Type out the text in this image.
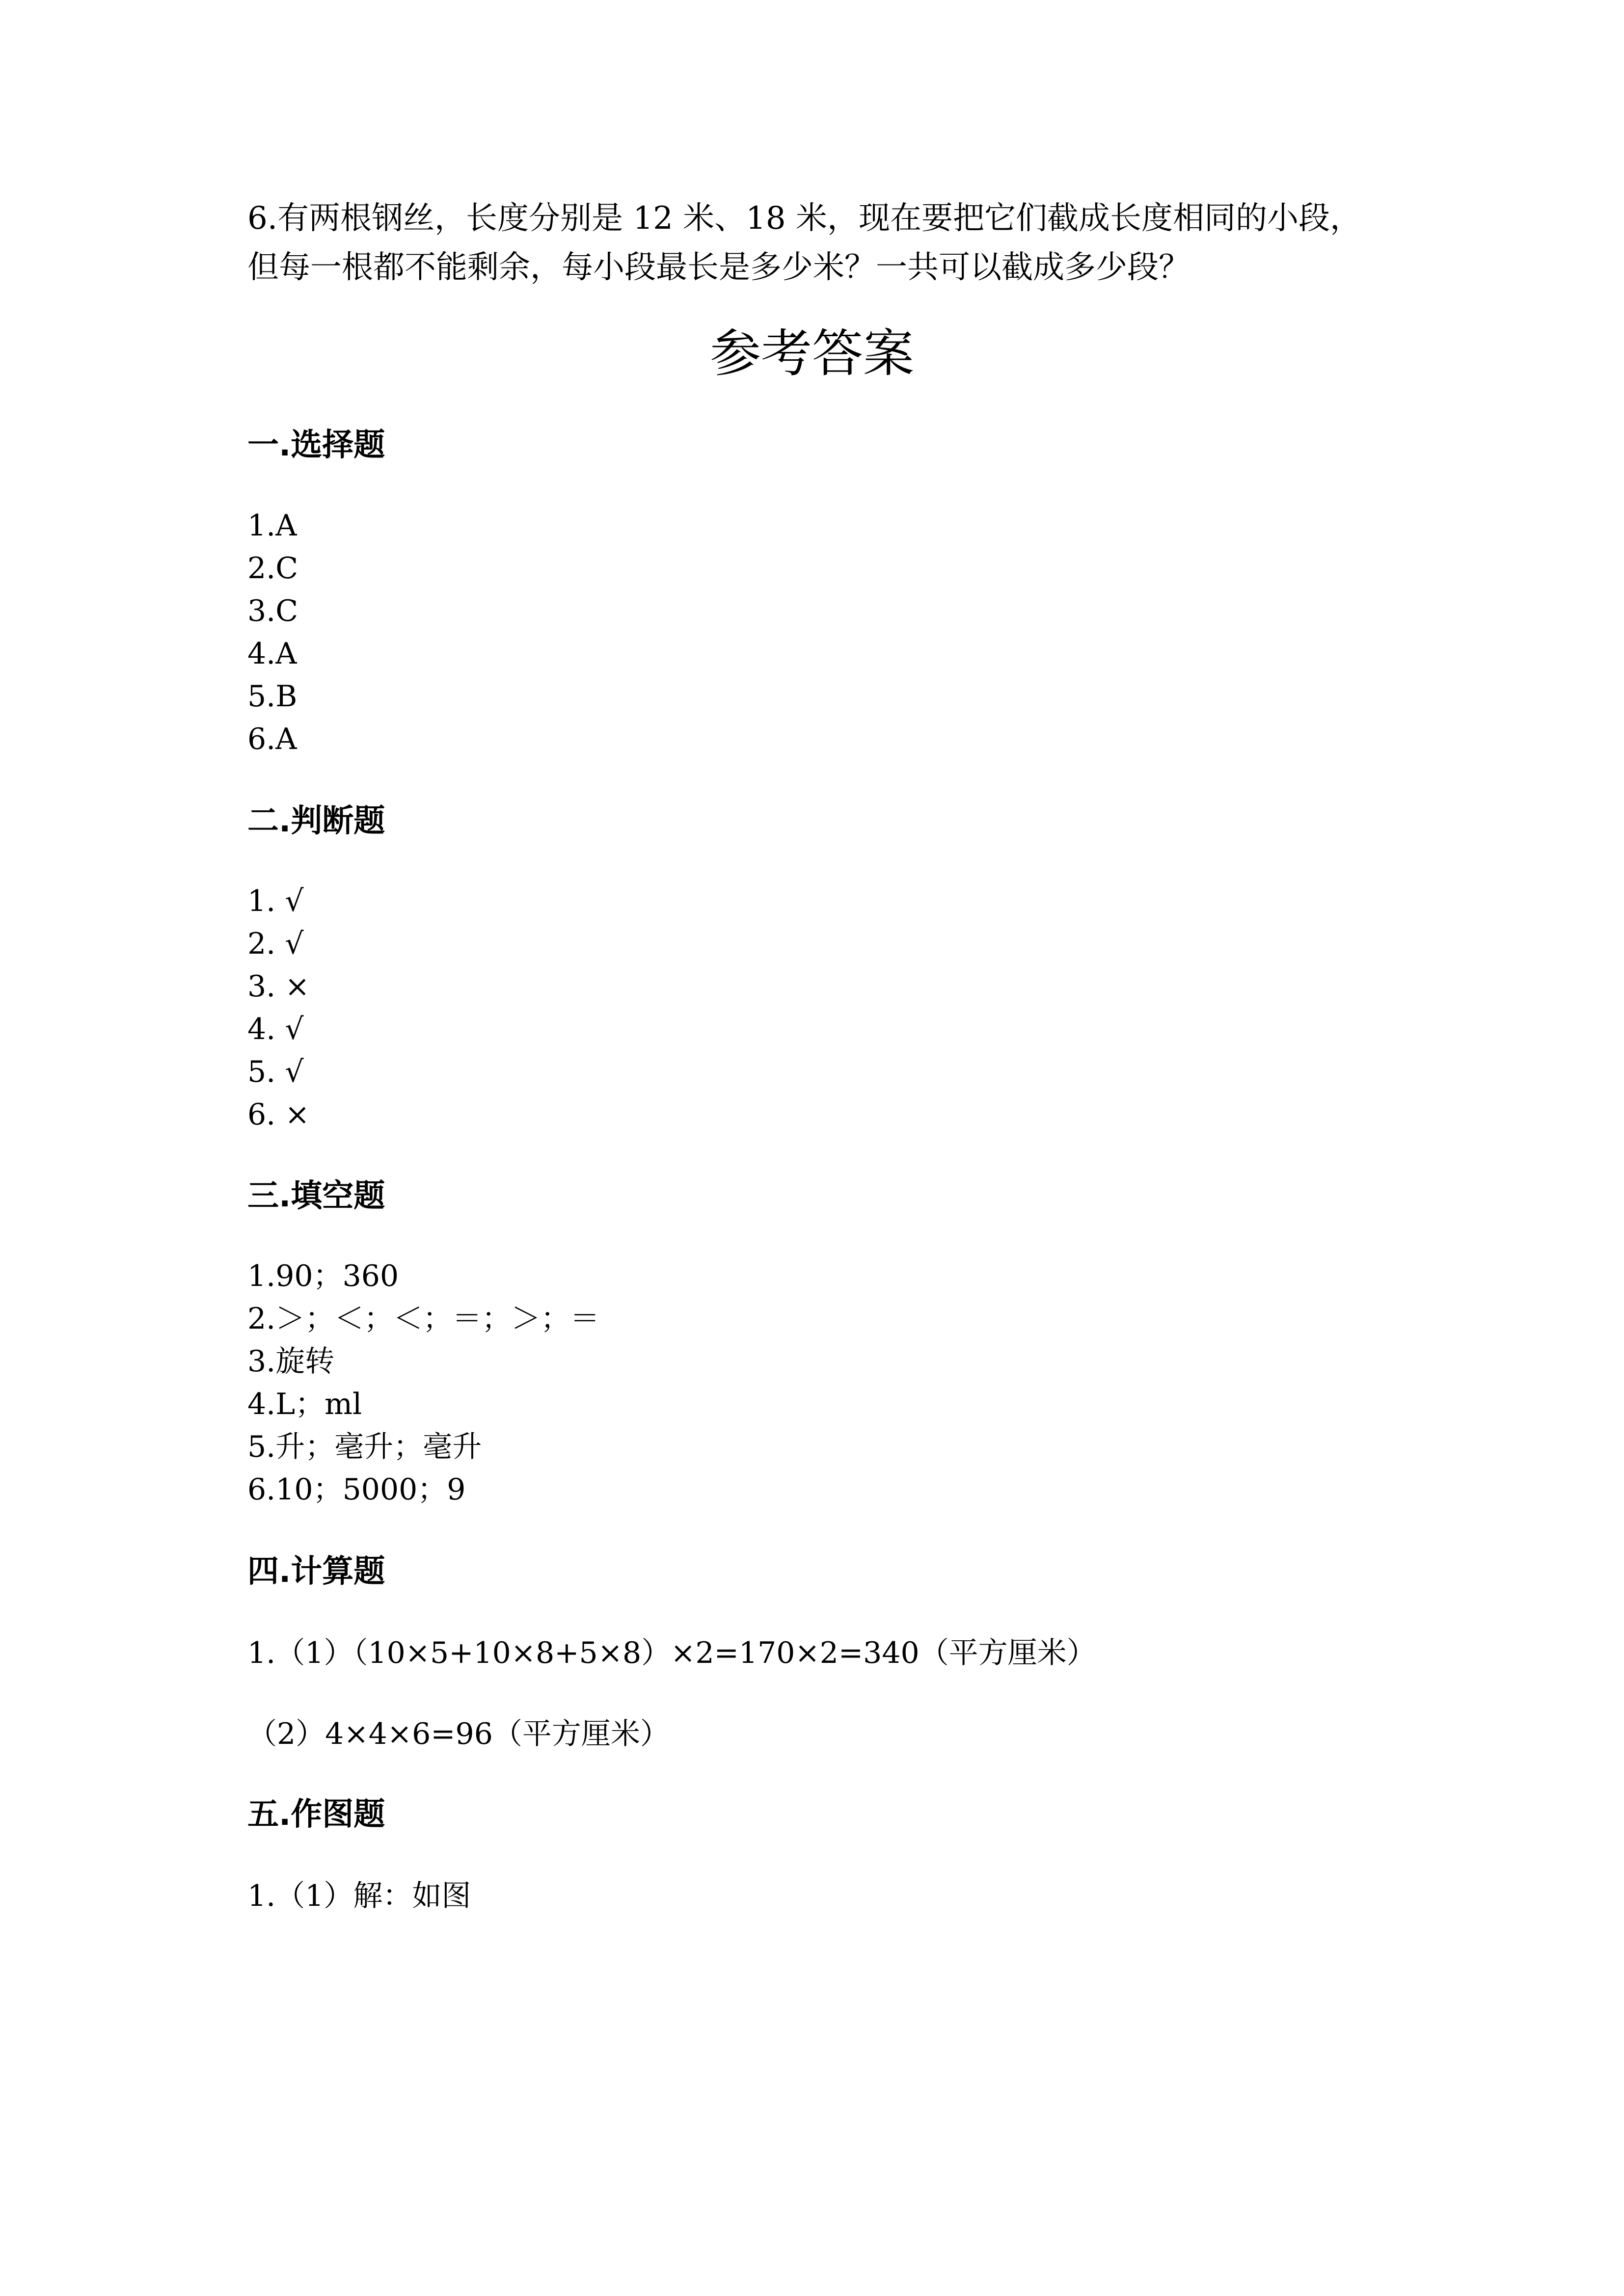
6.有两根钢丝，长度分别是 12 米、18 米，现在要把它们截成长度相同的小段，但每一根都不能剩余，每小段最长是多少米？一共可以截成多少段？

参考答案
一.选择题
1.A
2.C
3.C
4.A
5.B
6.A
二.判断题
1. √
2. √
3. ×
4. √
5. √
6. ×
三.填空题
1.90；360
2.＞；＜；＜；＝；＞；＝
3.旋转
4.L；ml
5.升；毫升；毫升
6.10；5000；9
四.计算题

1.（1）（10×5+10×8+5×8）×2=170×2=340（平方厘米）

（2）4×4×6=96（平方厘米）

五.作图题

1.（1）解：如图
